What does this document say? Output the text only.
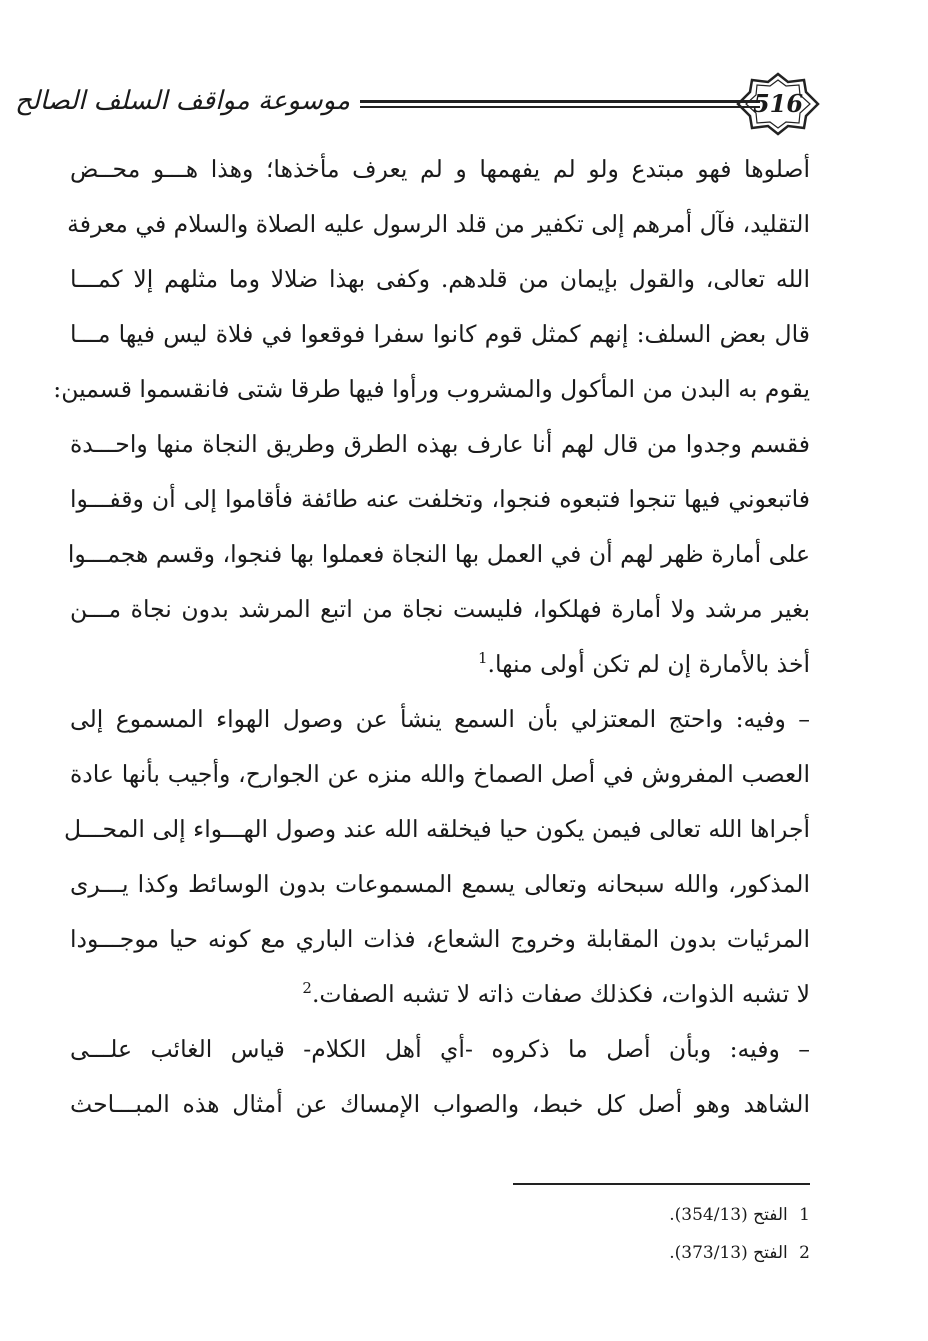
موسوعة مواقف السلف الصالح	516
أصلوها فهو مبتدع ولو لم يفهمها و لم يعرف مأخذها؛ وهذا هـــو محــض
التقليد، فآل أمرهم إلى تكفير من قلد الرسول عليه الصلاة والسلام في معرفة
الله تعالى، والقول بإيمان من قلدهم. وكفى بهذا ضلالا وما مثلهم إلا كمـــا
قال بعض السلف: إنهم كمثل قوم كانوا سفرا فوقعوا في فلاة ليس فيها مـــا
يقوم به البدن من المأكول والمشروب ورأوا فيها طرقا شتى فانقسموا قسمين:
فقسم وجدوا من قال لهم أنا عارف بهذه الطرق وطريق النجاة منها واحـــدة
فاتبعوني فيها تنجوا فتبعوه فنجوا، وتخلفت عنه طائفة فأقاموا إلى أن وقفـــوا
على أمارة ظهر لهم أن في العمل بها النجاة فعملوا بها فنجوا، وقسم هجمـــوا
بغير مرشد ولا أمارة فهلكوا، فليست نجاة من اتبع المرشد بدون نجاة مـــن
أخذ بالأمارة إن لم تكن أولى منها.$^1$
– وفيه: واحتج المعتزلي بأن السمع ينشأ عن وصول الهواء المسموع إلى
العصب المفروش في أصل الصماخ والله منزه عن الجوارح، وأجيب بأنها عادة
أجراها الله تعالى فيمن يكون حيا فيخلقه الله عند وصول الهـــواء إلى المحـــل
المذكور، والله سبحانه وتعالى يسمع المسموعات بدون الوسائط وكذا يـــرى
المرئيات بدون المقابلة وخروج الشعاع، فذات الباري مع كونه حيا موجـــودا
لا تشبه الذوات، فكذلك صفات ذاته لا تشبه الصفات.$^2$
– وفيه: وبأن أصل ما ذكروه -أي أهل الكلام- قياس الغائب علـــى
الشاهد وهو أصل كل خبط، والصواب الإمساك عن أمثال هذه المبـــاحث
1 الفتح (354/13).
2 الفتح (373/13).
